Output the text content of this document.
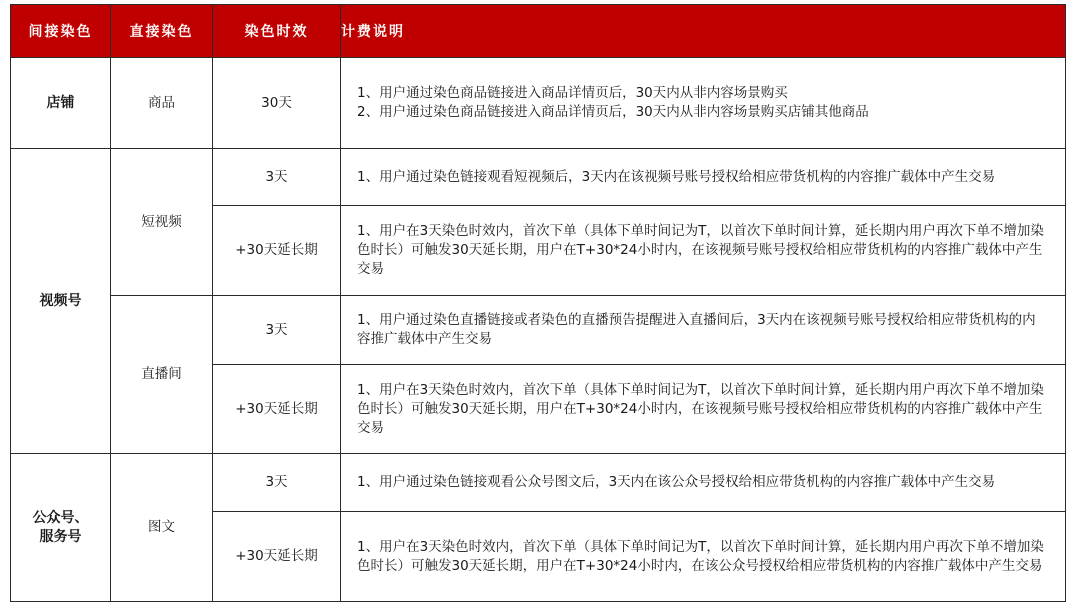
间接染色	直接染色	染色时效	计费说明
店铺	商品	30天	1、用户通过染色商品链接进入商品详情页后，30天内从非内容场景购买
2、用户通过染色商品链接进入商品详情页后，30天内从非内容场景购买店铺其他商品

视频号	短视频	3天	1、用户通过染色链接观看短视频后，3天内在该视频号账号授权给相应带货机构的内容推广载体中产生交易
		+30天延长期	1、用户在3天染色时效内，首次下单（具体下单时间记为T，以首次下单时间计算，延长期内用户再次下单不增加染色时长）可触发30天延长期，用户在T+30*24小时内，在该视频号账号授权给相应带货机构的内容推广载体中产生交易
	直播间	3天	1、用户通过染色直播链接或者染色的直播预告提醒进入直播间后，3天内在该视频号账号授权给相应带货机构的内容推广载体中产生交易
		+30天延长期	1、用户在3天染色时效内，首次下单（具体下单时间记为T，以首次下单时间计算，延长期内用户再次下单不增加染色时长）可触发30天延长期，用户在T+30*24小时内，在该视频号账号授权给相应带货机构的内容推广载体中产生交易

公众号、
服务号	图文	3天	1、用户通过染色链接观看公众号图文后，3天内在该公众号授权给相应带货机构的内容推广载体中产生交易
		+30天延长期	1、用户在3天染色时效内，首次下单（具体下单时间记为T，以首次下单时间计算，延长期内用户再次下单不增加染色时长）可触发30天延长期，用户在T+30*24小时内，在该公众号授权给相应带货机构的内容推广载体中产生交易
